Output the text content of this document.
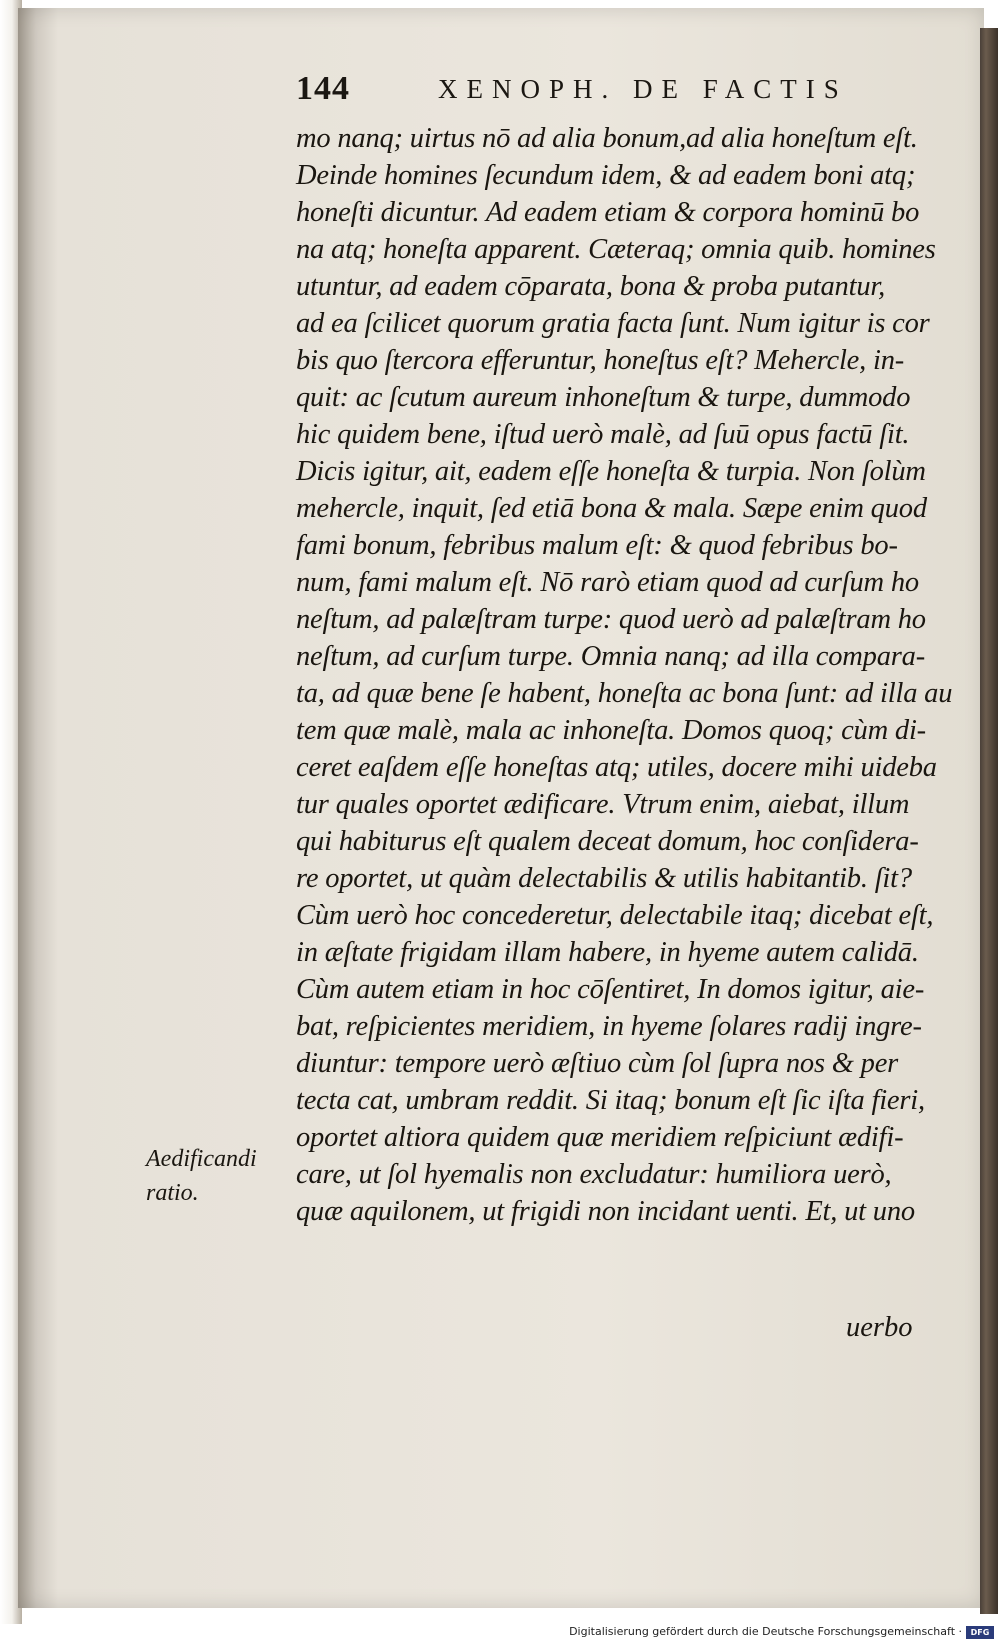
144	XENOPH. DE FACTIS
mo nanq; uirtus nō ad alia bonum,ad alia honeſtum eſt.
Deinde homines ſecundum idem, & ad eadem boni atq;
honeſti dicuntur. Ad eadem etiam & corpora hominū bo
na atq; honeſta apparent. Cæteraq; omnia quib. homines
utuntur, ad eadem cōparata, bona & proba putantur,
ad ea ſcilicet quorum gratia facta ſunt. Num igitur is cor
bis quo ſtercora efferuntur, honeſtus eſt? Mehercle, in-
quit: ac ſcutum aureum inhoneſtum & turpe, dummodo
hic quidem bene, iſtud uerò malè, ad ſuū opus factū ſit.
Dicis igitur, ait, eadem eſſe honeſta & turpia. Non ſolùm
mehercle, inquit, ſed etiā bona & mala. Sæpe enim quod
fami bonum, febribus malum eſt: & quod febribus bo-
num, fami malum eſt. Nō rarò etiam quod ad curſum ho
neſtum, ad palæſtram turpe: quod uerò ad palæſtram ho
neſtum, ad curſum turpe. Omnia nanq; ad illa compara-
ta, ad quæ bene ſe habent, honeſta ac bona ſunt: ad illa au
tem quæ malè, mala ac inhoneſta. Domos quoq; cùm di-
ceret eaſdem eſſe honeſtas atq; utiles, docere mihi uideba
tur quales oportet ædificare. Vtrum enim, aiebat, illum
qui habiturus eſt qualem deceat domum, hoc conſidera-
re oportet, ut quàm delectabilis & utilis habitantib. ſit?
Cùm uerò hoc concederetur, delectabile itaq; dicebat eſt,
in æſtate frigidam illam habere, in hyeme autem calidā.
Cùm autem etiam in hoc cōſentiret, In domos igitur, aie-
bat, reſpicientes meridiem, in hyeme ſolares radij ingre-
diuntur: tempore uerò æſtiuo cùm ſol ſupra nos & per
tecta cat, umbram reddit. Si itaq; bonum eſt ſic iſta fieri,
oportet altiora quidem quæ meridiem reſpiciunt ædifi-
care, ut ſol hyemalis non excludatur: humiliora uerò,
quæ aquilonem, ut frigidi non incidant uenti. Et, ut uno
Aedificandi
ratio.
uerbo
Digitalisierung gefördert durch die Deutsche Forschungsgemeinschaft ·	DFG
